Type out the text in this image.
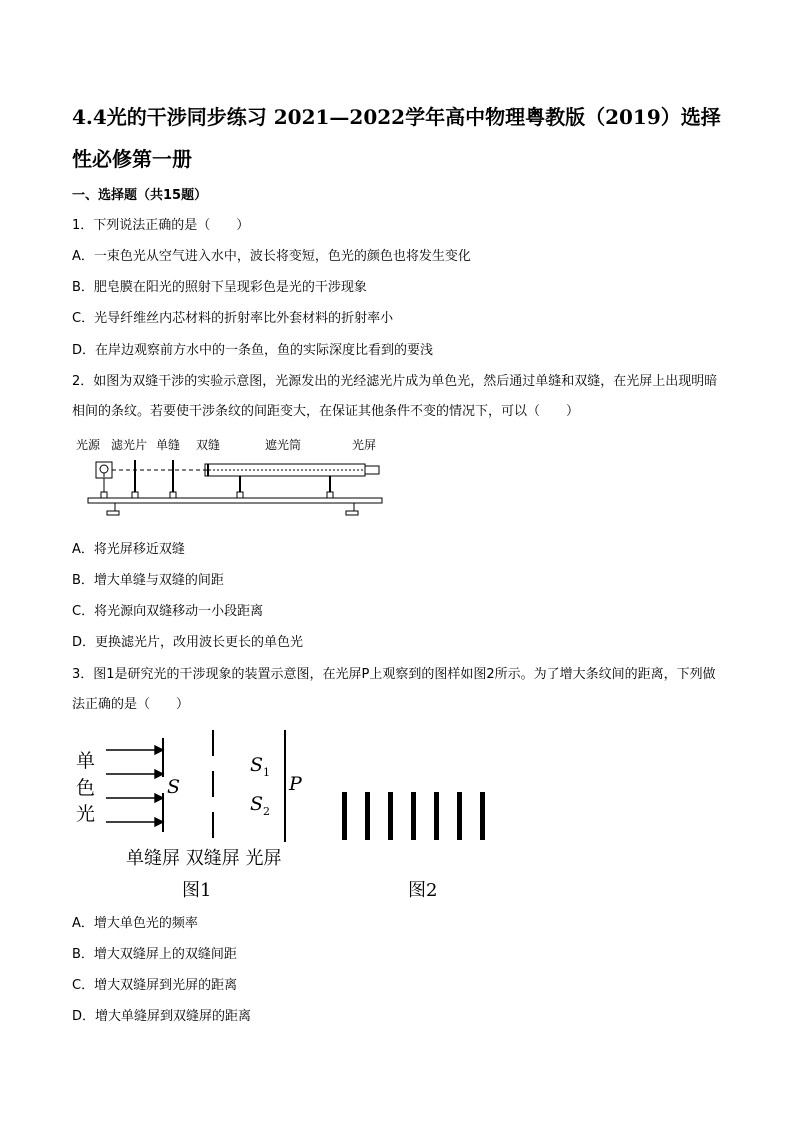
4.4光的干涉同步练习 2021—2022学年高中物理粤教版（2019）选择性必修第一册
一、选择题（共15题）
1．下列说法正确的是（　　）
A．一束色光从空气进入水中，波长将变短，色光的颜色也将发生变化
B．肥皂膜在阳光的照射下呈现彩色是光的干涉现象
C．光导纤维丝内芯材料的折射率比外套材料的折射率小
D．在岸边观察前方水中的一条鱼，鱼的实际深度比看到的要浅
2．如图为双缝干涉的实验示意图，光源发出的光经滤光片成为单色光，然后通过单缝和双缝，在光屏上出现明暗相间的条纹。若要使干涉条纹的间距变大，在保证其他条件不变的情况下，可以（　　）
光源 滤光片 单缝 双缝	遮光筒	光屏
A．将光屏移近双缝
B．增大单缝与双缝的间距
C．将光源向双缝移动一小段距离
D．更换滤光片，改用波长更长的单色光
3．图1是研究光的干涉现象的装置示意图，在光屏P上观察到的图样如图2所示。为了增大条纹间的距离，下列做法正确的是（　　）
单
色
光
S
$S_1$
$S_2$
P
单缝屏 双缝屏 光屏
图1	图2
A．增大单色光的频率
B．增大双缝屏上的双缝间距
C．增大双缝屏到光屏的距离
D．增大单缝屏到双缝屏的距离
